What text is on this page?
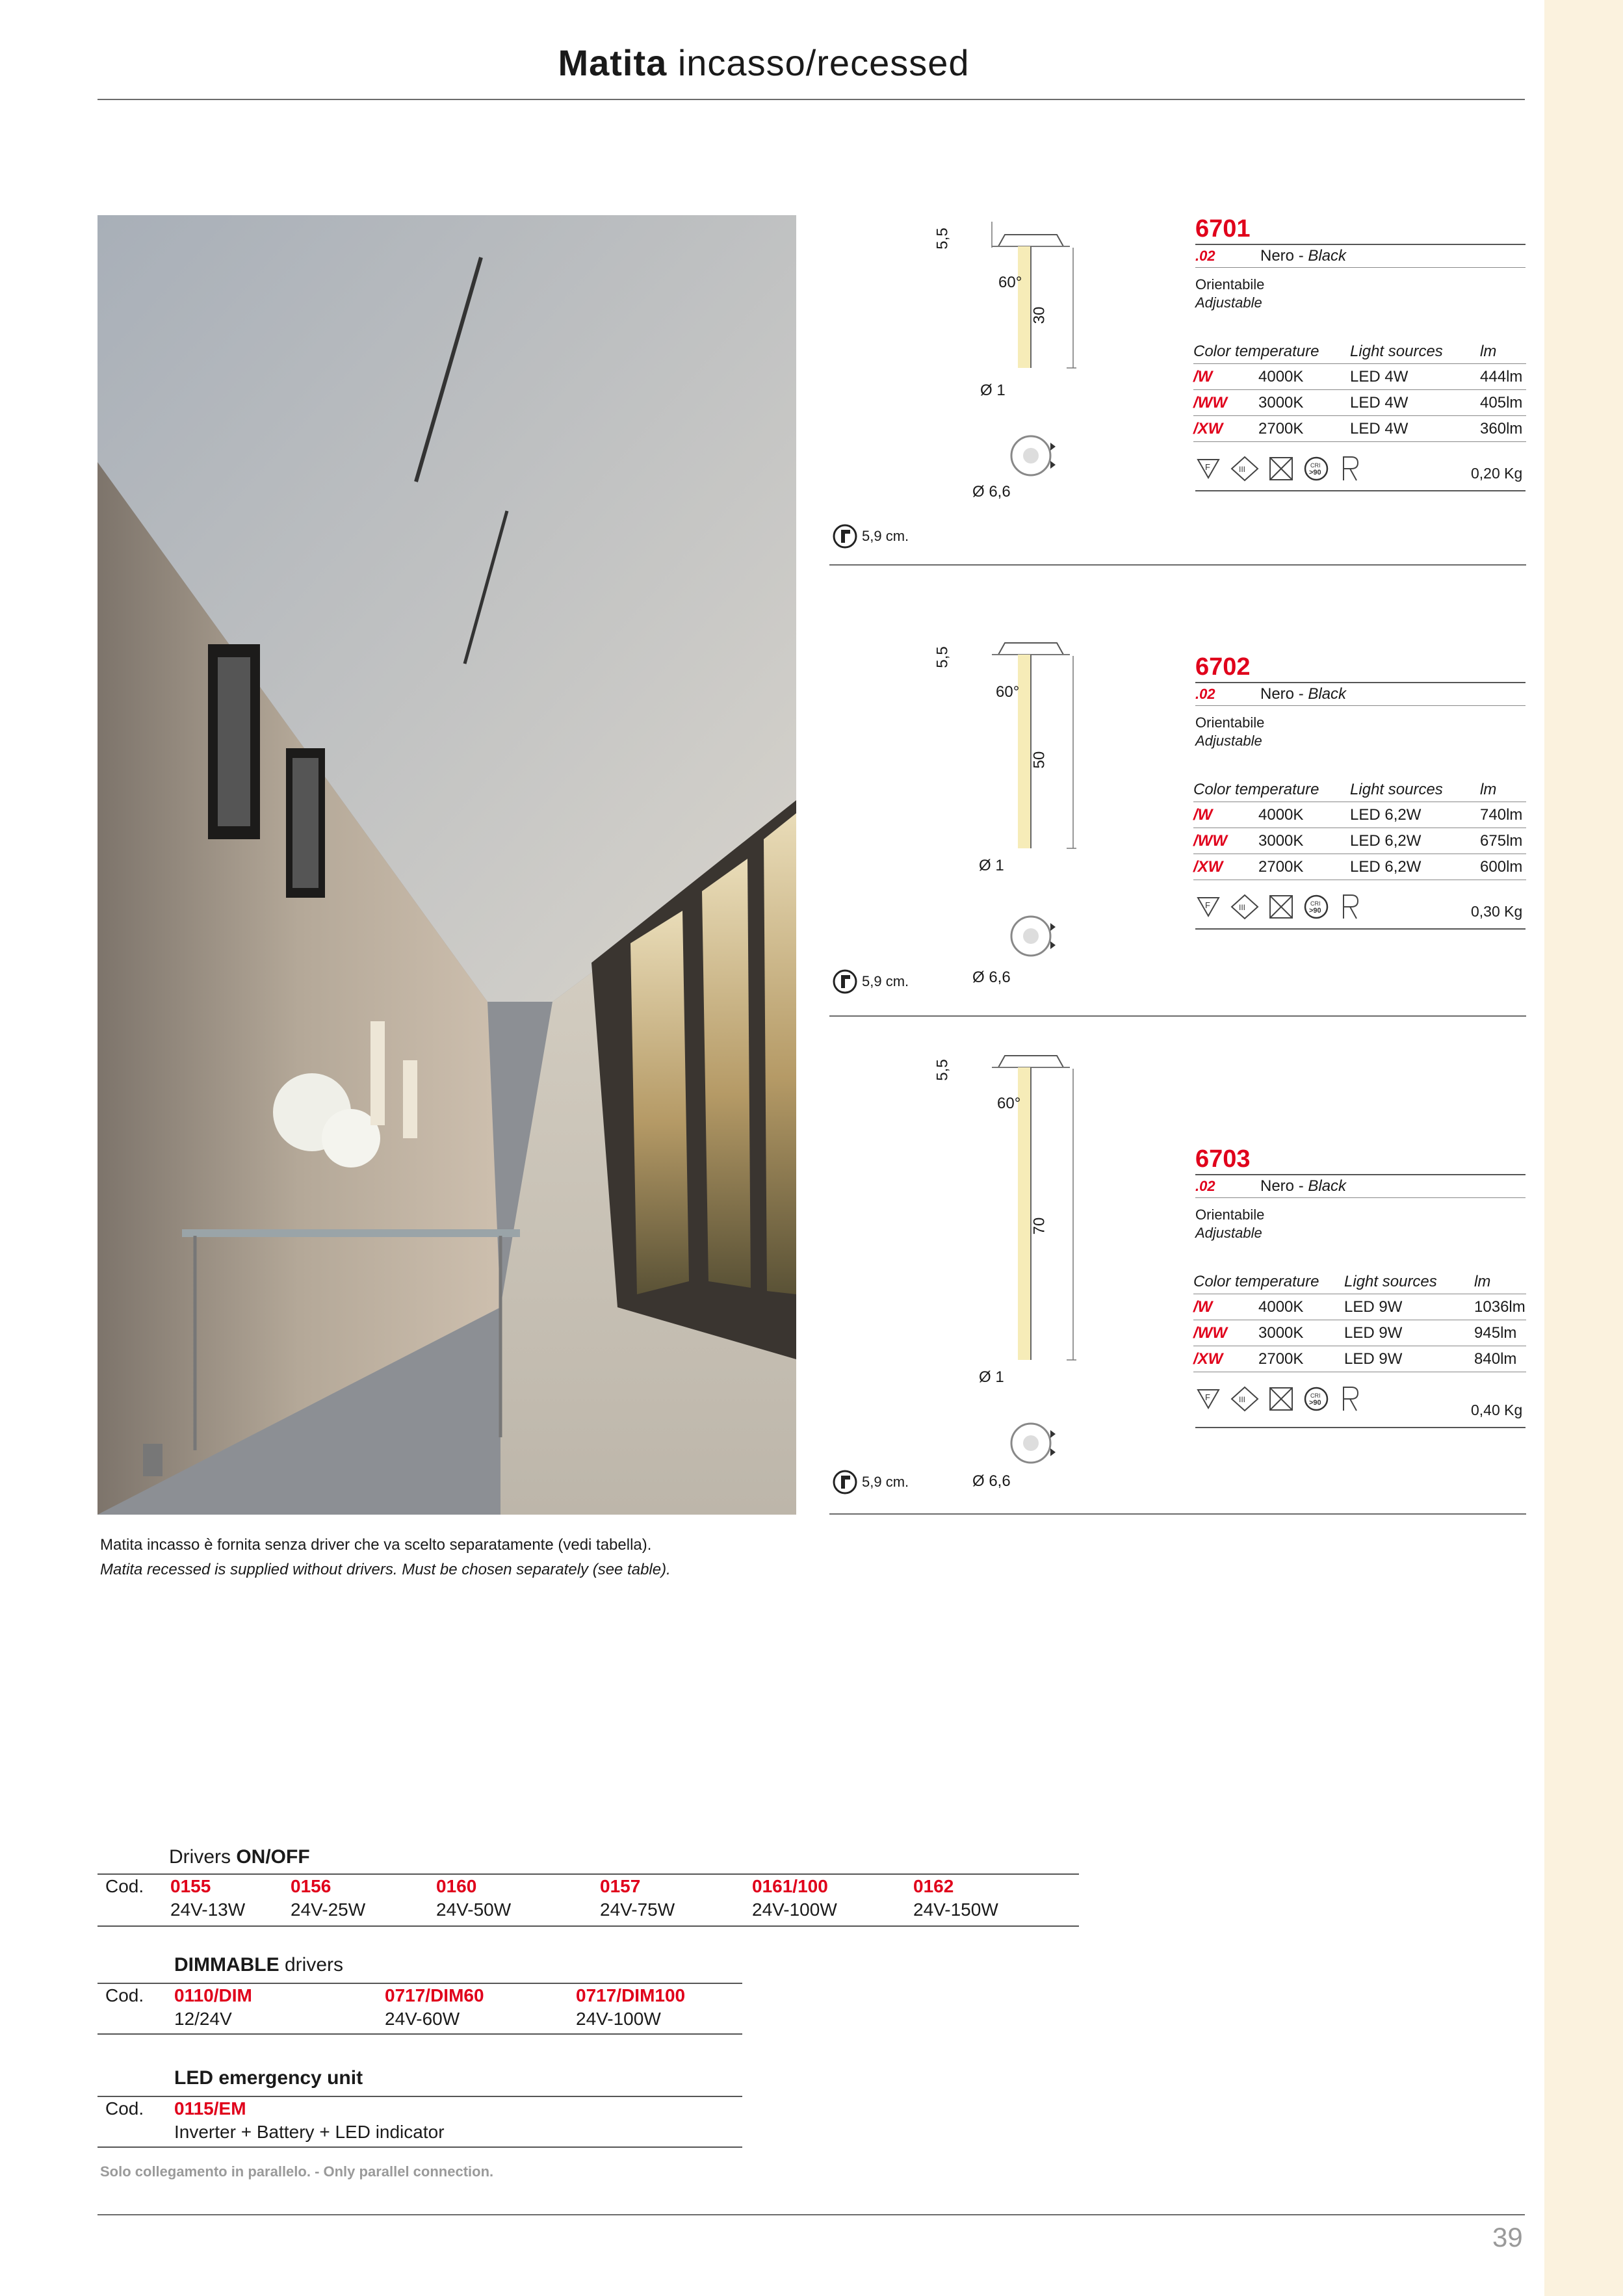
Matita incasso/recessed
Matita incasso è fornita senza driver che va scelto separatamente (vedi tabella).
Matita recessed is supplied without drivers. Must be chosen separately (see table).
5,5
60°
30
Ø 1
Ø 6,6
5,9 cm.
6701
.02	Nero - Black
Orientabile
Adjustable
Color temperature		Light sources	lm
/W	4000K	LED 4W	444lm
/WW	3000K	LED 4W	405lm
/XW	2700K	LED 4W	360lm
F	III	CRI
>90	0,20 Kg
5,5
60°
50
Ø 1
Ø 6,6
5,9 cm.
6702
.02	Nero - Black
Orientabile
Adjustable
Color temperature		Light sources	lm
/W	4000K	LED 6,2W	740lm
/WW	3000K	LED 6,2W	675lm
/XW	2700K	LED 6,2W	600lm
F	III	CRI
>90	0,30 Kg
5,5
60°
70
Ø 1
Ø 6,6
5,9 cm.
6703
.02	Nero - Black
Orientabile
Adjustable
Color temperature		Light sources	lm
/W	4000K	LED 9W	1036lm
/WW	3000K	LED 9W	945lm
/XW	2700K	LED 9W	840lm
F	III	CRI
>90	0,40 Kg
Drivers ON/OFF
Cod.	0155	0156	0160	0157	0161/100	0162
	24V-13W	24V-25W	24V-50W	24V-75W	24V-100W	24V-150W
DIMMABLE drivers
Cod.	0110/DIM	0717/DIM60	0717/DIM100
	12/24V	24V-60W	24V-100W
LED emergency unit
Cod.	0115/EM
	Inverter + Battery + LED indicator
Solo collegamento in parallelo. - Only parallel connection.
39
